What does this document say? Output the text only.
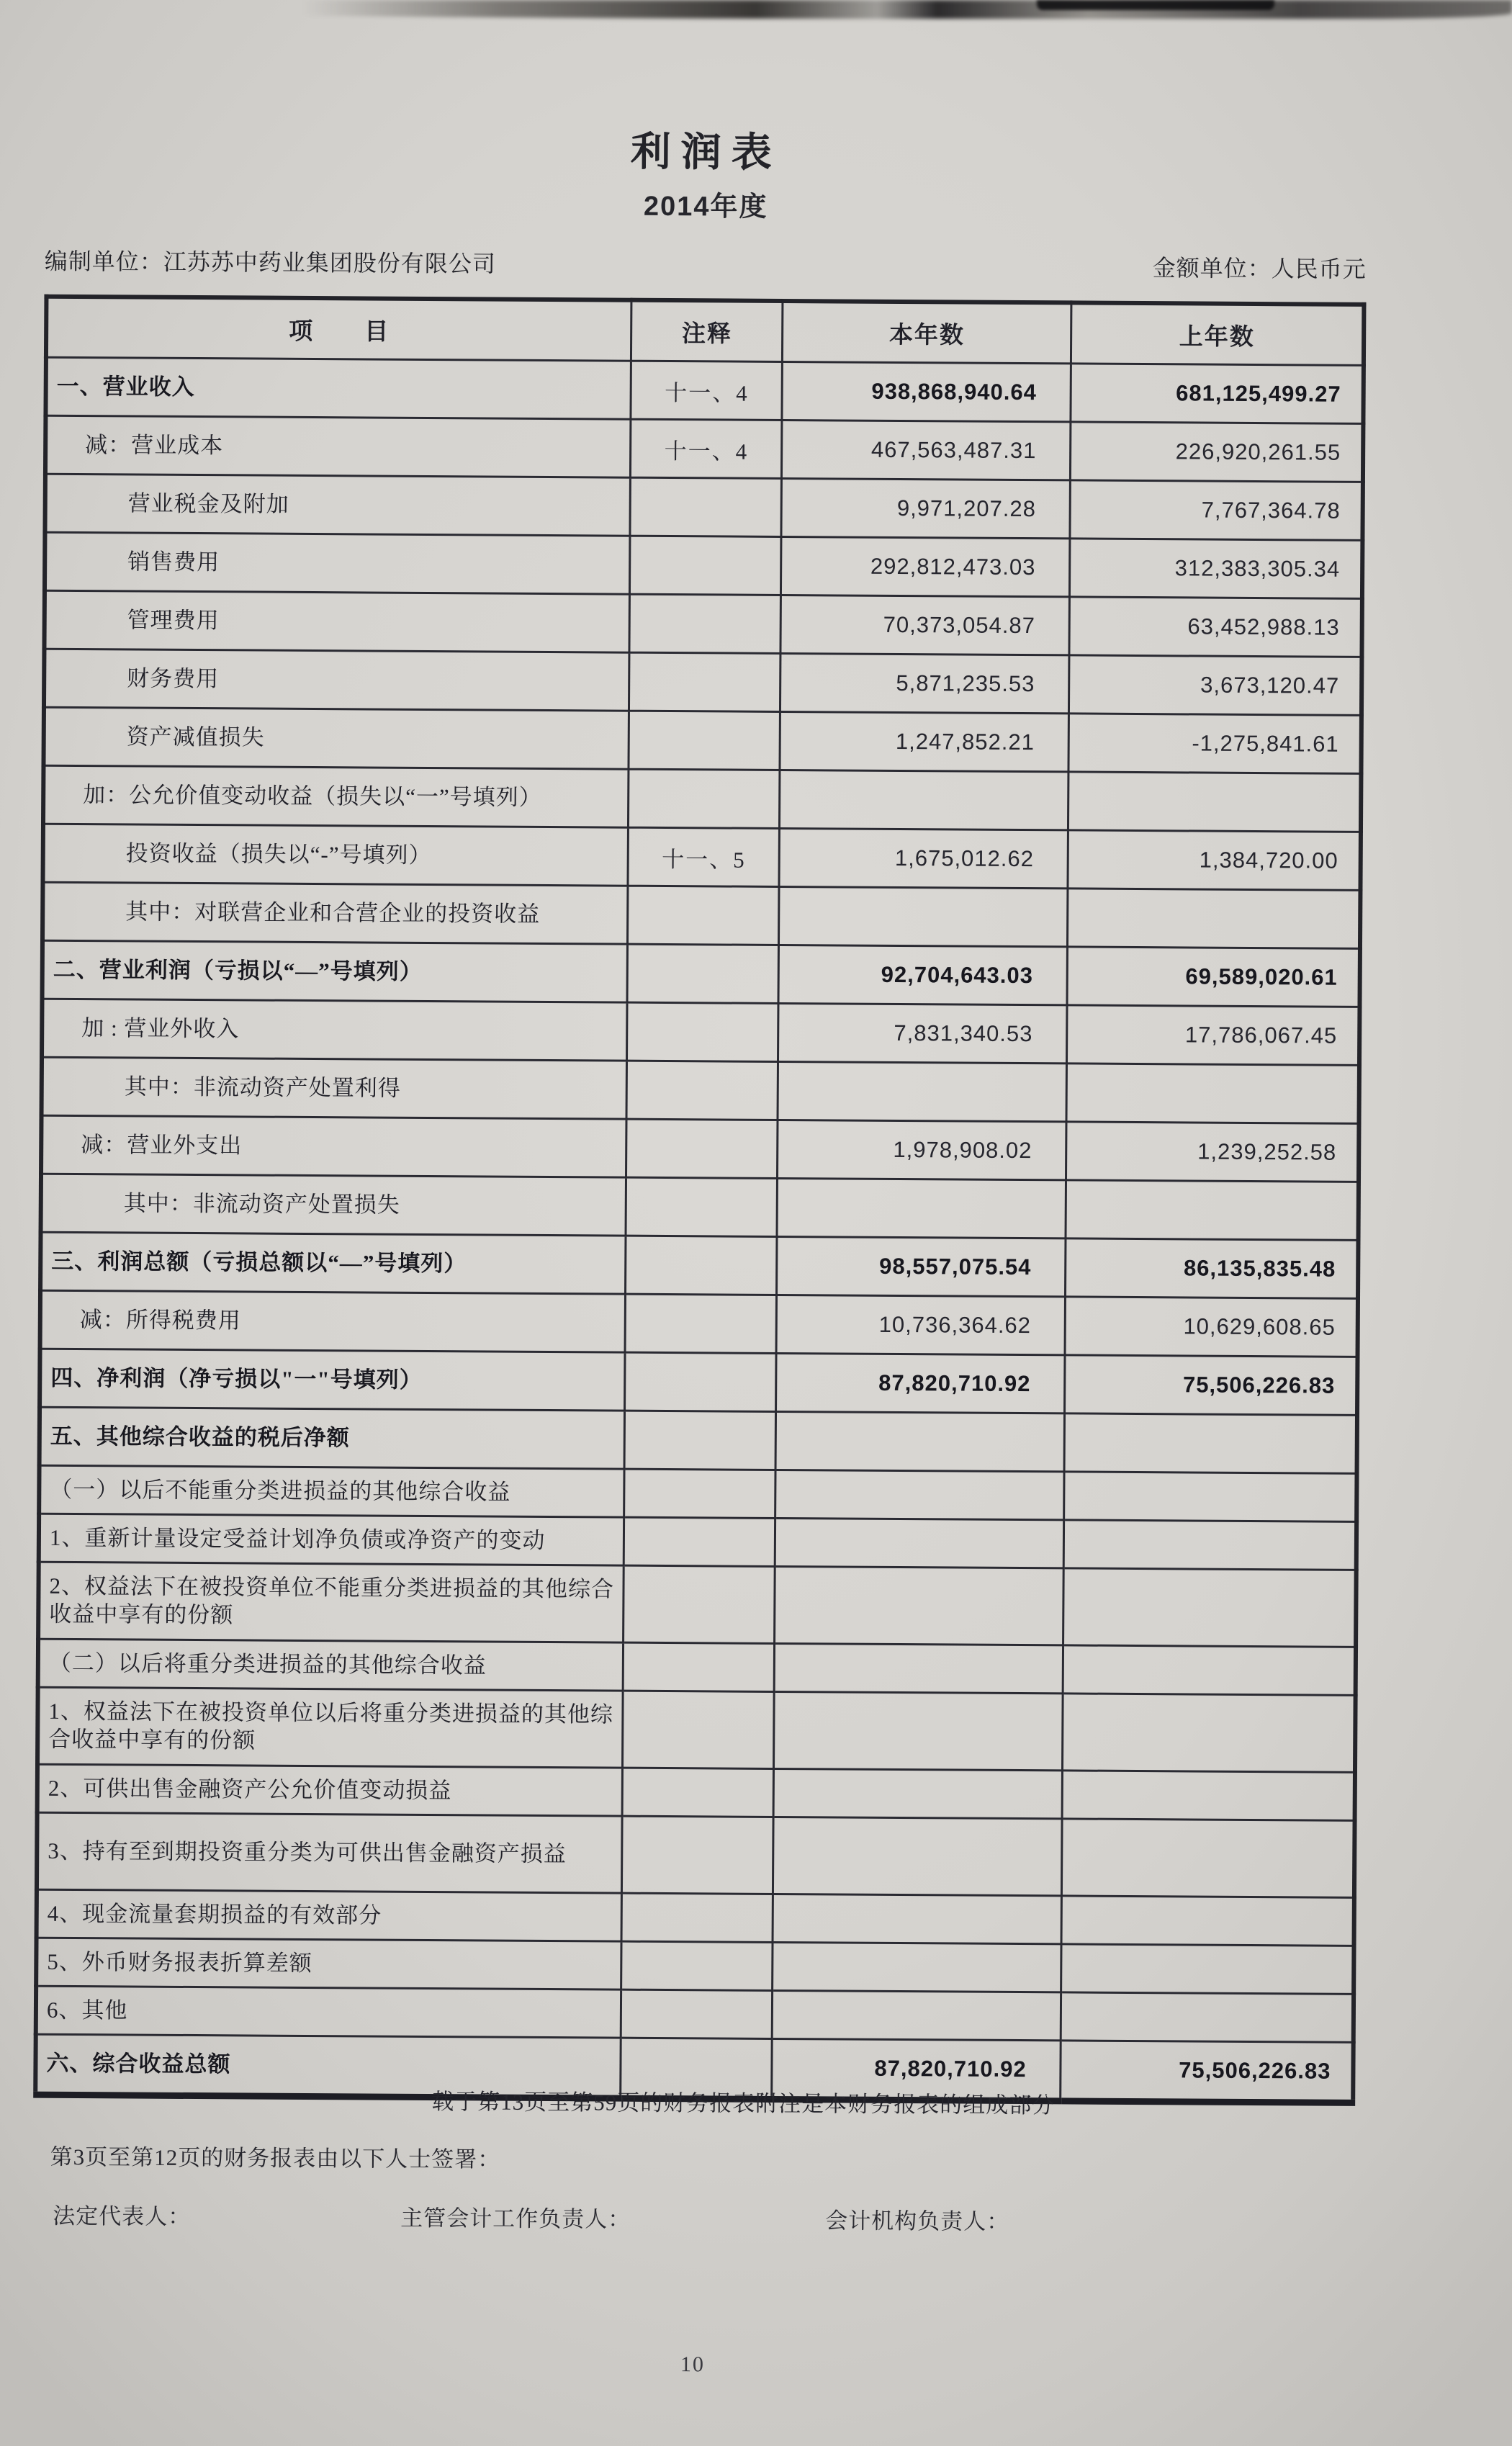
利润表
2014年度
编制单位：江苏苏中药业集团股份有限公司	金额单位：人民币元
项　　目	注释	本年数	上年数
一、营业收入	十一、4	938,868,940.64	681,125,499.27
减：营业成本	十一、4	467,563,487.31	226,920,261.55
营业税金及附加		9,971,207.28	7,767,364.78
销售费用		292,812,473.03	312,383,305.34
管理费用		70,373,054.87	63,452,988.13
财务费用		5,871,235.53	3,673,120.47
资产减值损失		1,247,852.21	-1,275,841.61
加：公允价值变动收益（损失以“一”号填列）			
投资收益（损失以“-”号填列）	十一、5	1,675,012.62	1,384,720.00
其中：对联营企业和合营企业的投资收益			
二、营业利润（亏损以“—”号填列）		92,704,643.03	69,589,020.61
加 : 营业外收入		7,831,340.53	17,786,067.45
其中：非流动资产处置利得			
减：营业外支出		1,978,908.02	1,239,252.58
其中：非流动资产处置损失			
三、利润总额（亏损总额以“—”号填列）		98,557,075.54	86,135,835.48
减：所得税费用		10,736,364.62	10,629,608.65
四、净利润（净亏损以"一"号填列）		87,820,710.92	75,506,226.83
五、其他综合收益的税后净额			
（一）以后不能重分类进损益的其他综合收益			
1、重新计量设定受益计划净负债或净资产的变动			
2、权益法下在被投资单位不能重分类进损益的其他综合收益中享有的份额			
（二）以后将重分类进损益的其他综合收益			
1、权益法下在被投资单位以后将重分类进损益的其他综合收益中享有的份额			
2、可供出售金融资产公允价值变动损益			
3、持有至到期投资重分类为可供出售金融资产损益			
4、现金流量套期损益的有效部分			
5、外币财务报表折算差额			
6、其他			
六、综合收益总额		87,820,710.92	75,506,226.83
载于第13页至第59页的财务报表附注是本财务报表的组成部分
第3页至第12页的财务报表由以下人士签署：
法定代表人：	主管会计工作负责人：	会计机构负责人：
10
